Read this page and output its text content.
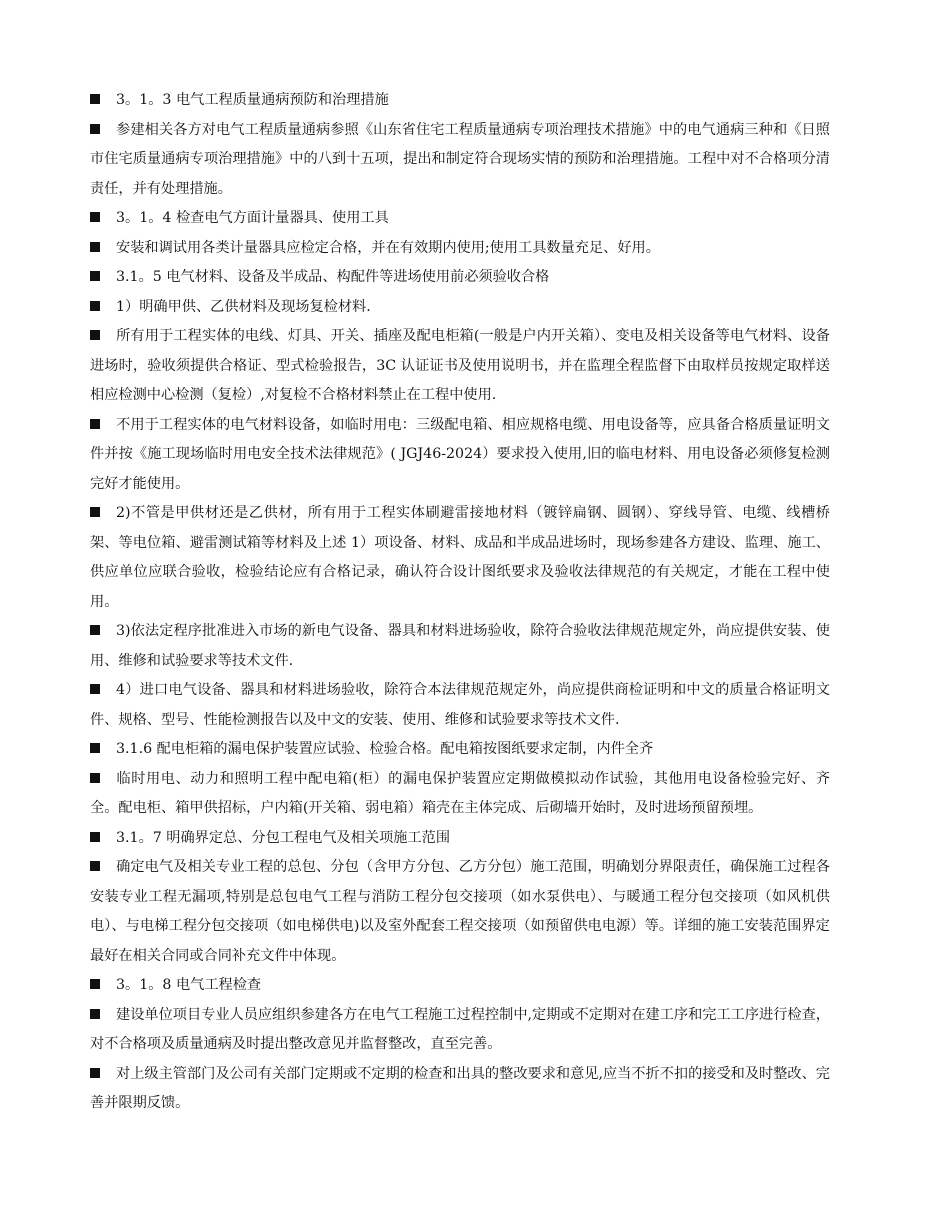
3。1。3 电气工程质量通病预防和治理措施

参建相关各方对电气工程质量通病参照《山东省住宅工程质量通病专项治理技术措施》中的电气通病三种和《日照市住宅质量通病专项治理措施》中的八到十五项，提出和制定符合现场实情的预防和治理措施。工程中对不合格项分清责任，并有处理措施。

3。1。4 检查电气方面计量器具、使用工具

安装和调试用各类计量器具应检定合格，并在有效期内使用;使用工具数量充足、好用。

3.1。5 电气材料、设备及半成品、构配件等进场使用前必须验收合格

1）明确甲供、乙供材料及现场复检材料.

所有用于工程实体的电线、灯具、开关、插座及配电柜箱(一般是户内开关箱）、变电及相关设备等电气材料、设备进场时，验收须提供合格证、型式检验报告，3C 认证证书及使用说明书，并在监理全程监督下由取样员按规定取样送相应检测中心检测（复检）,对复检不合格材料禁止在工程中使用.

不用于工程实体的电气材料设备，如临时用电：三级配电箱、相应规格电缆、用电设备等，应具备合格质量证明文件并按《施工现场临时用电安全技术法律规范》( JGJ46-2024）要求投入使用,旧的临电材料、用电设备必须修复检测完好才能使用。

2)不管是甲供材还是乙供材，所有用于工程实体刷避雷接地材料（镀锌扁钢、圆钢）、穿线导管、电缆、线槽桥架、等电位箱、避雷测试箱等材料及上述 1）项设备、材料、成品和半成品进场时，现场参建各方建设、监理、施工、供应单位应联合验收，检验结论应有合格记录，确认符合设计图纸要求及验收法律规范的有关规定，才能在工程中使用。

3)依法定程序批准进入市场的新电气设备、器具和材料进场验收，除符合验收法律规范规定外，尚应提供安装、使用、维修和试验要求等技术文件.

4）进口电气设备、器具和材料进场验收，除符合本法律规范规定外，尚应提供商检证明和中文的质量合格证明文件、规格、型号、性能检测报告以及中文的安装、使用、维修和试验要求等技术文件.

3.1.6 配电柜箱的漏电保护装置应试验、检验合格。配电箱按图纸要求定制，内件全齐

临时用电、动力和照明工程中配电箱(柜）的漏电保护装置应定期做模拟动作试验，其他用电设备检验完好、齐全。配电柜、箱甲供招标，户内箱(开关箱、弱电箱）箱壳在主体完成、后砌墙开始时，及时进场预留预埋。

3.1。7 明确界定总、分包工程电气及相关项施工范围

确定电气及相关专业工程的总包、分包（含甲方分包、乙方分包）施工范围，明确划分界限责任，确保施工过程各安装专业工程无漏项,特别是总包电气工程与消防工程分包交接项（如水泵供电）、与暖通工程分包交接项（如风机供电）、与电梯工程分包交接项（如电梯供电)以及室外配套工程交接项（如预留供电电源）等。详细的施工安装范围界定最好在相关合同或合同补充文件中体现。

3。1。8 电气工程检查

建设单位项目专业人员应组织参建各方在电气工程施工过程控制中,定期或不定期对在建工序和完工工序进行检查，对不合格项及质量通病及时提出整改意见并监督整改，直至完善。

对上级主管部门及公司有关部门定期或不定期的检查和出具的整改要求和意见,应当不折不扣的接受和及时整改、完善并限期反馈。
